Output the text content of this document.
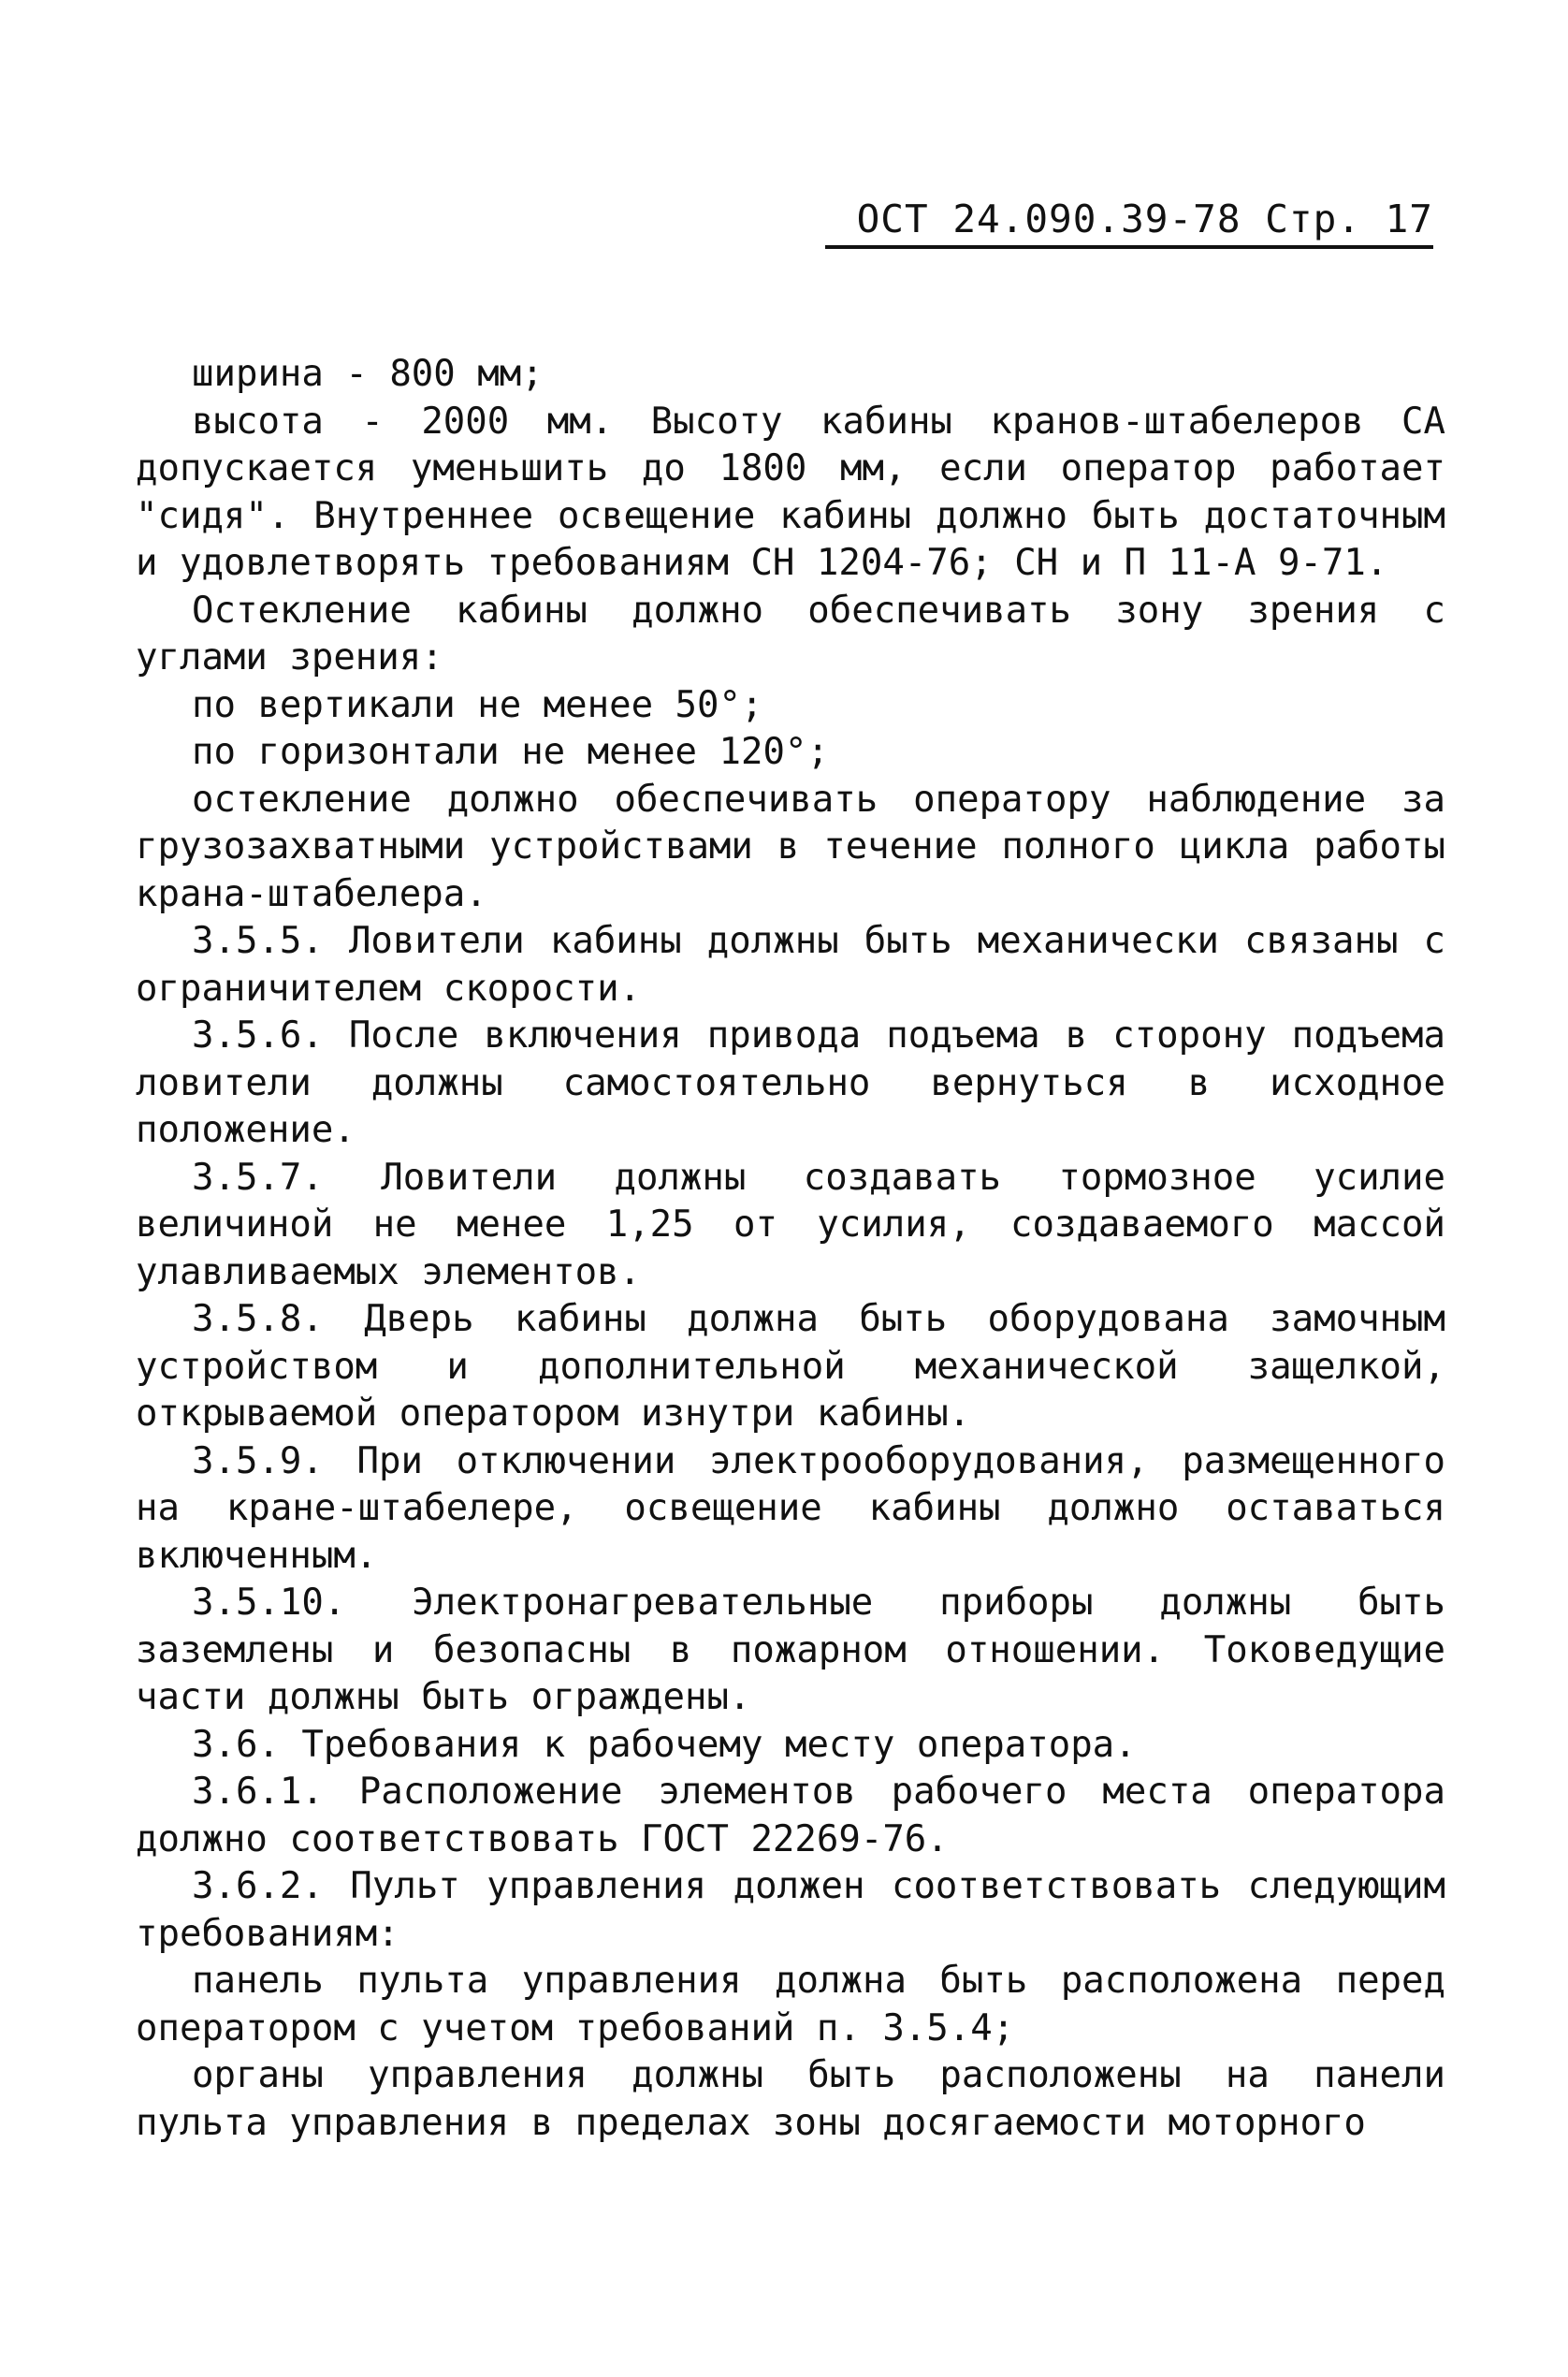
ОСТ 24.090.39-78 Стр. 17

ширина - 800 мм;

высота - 2000 мм. Высоту кабины кранов-штабелеров СА допускается уменьшить до 1800 мм, если оператор работает "сидя". Внутреннее освещение кабины должно быть достаточным и удовлетворять требованиям СН 1204-76; СН и П 11-А 9-71.

Остекление кабины должно обеспечивать зону зрения с углами зрения:

по вертикали не менее 50°;

по горизонтали не менее 120°;

остекление должно обеспечивать оператору наблюдение за грузозахватными устройствами в течение полного цикла работы крана-штабелера.

3.5.5. Ловители кабины должны быть механически связаны с ограничителем скорости.

3.5.6. После включения привода подъема в сторону подъема ловители должны самостоятельно вернуться в исходное положение.

3.5.7. Ловители должны создавать тормозное усилие величиной не менее 1,25 от усилия, создаваемого массой улавливаемых элементов.

3.5.8. Дверь кабины должна быть оборудована замочным устройством и дополнительной механической защелкой, открываемой оператором изнутри кабины.

3.5.9. При отключении электрооборудования, размещенного на кране-штабелере, освещение кабины должно оставаться включенным.

3.5.10. Электронагревательные приборы должны быть заземлены и безопасны в пожарном отношении. Токоведущие части должны быть ограждены.

3.6. Требования к рабочему месту оператора.

3.6.1. Расположение элементов рабочего места оператора должно соответствовать ГОСТ 22269-76.

3.6.2. Пульт управления должен соответствовать следующим требованиям:

панель пульта управления должна быть расположена перед оператором с учетом требований п. 3.5.4;

органы управления должны быть расположены на панели пульта управления в пределах зоны досягаемости моторного
